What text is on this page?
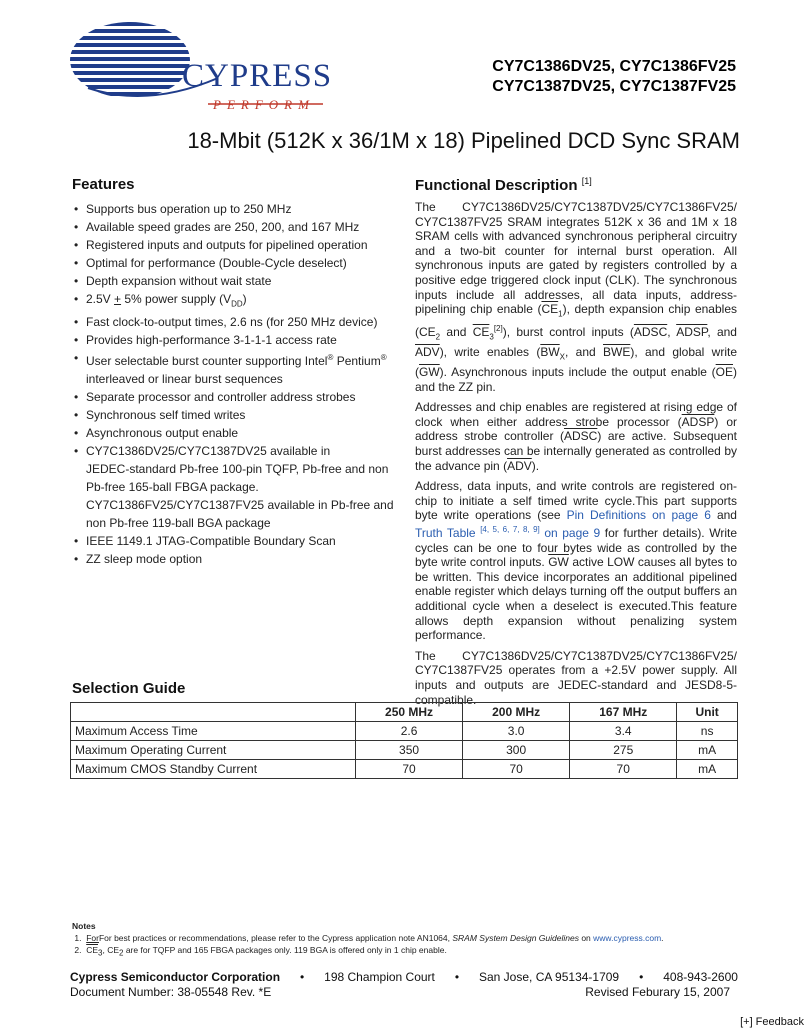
CYPRESS
PERFORM
CY7C1386DV25, CY7C1386FV25
CY7C1387DV25, CY7C1387FV25
18-Mbit (512K x 36/1M x 18) Pipelined DCD Sync SRAM
Features
• Supports bus operation up to 250 MHz
• Available speed grades are 250, 200, and 167 MHz
• Registered inputs and outputs for pipelined operation
• Optimal for performance (Double-Cycle deselect)
• Depth expansion without wait state
• 2.5V + 5% power supply $(V_{DD})$
• Fast clock-to-output times, 2.6 ns (for 250 MHz device)
• Provides high-performance 3-1-1-1 access rate
• User selectable burst counter supporting Intel® Pentium®
interleaved or linear burst sequences
• Separate processor and controller address strobes
• Synchronous self timed writes
• Asynchronous output enable
• CY7C1386DV25/CY7C1387DV25 available in
JEDEC-standard Pb-free 100-pin TQFP, Pb-free and non
Pb-free 165-ball FBGA package.
CY7C1386FV25/CY7C1387FV25 available in Pb-free and
non Pb-free 119-ball BGA package
• IEEE 1149.1 JTAG-Compatible Boundary Scan
• ZZ sleep mode option
Functional Description [1]

The CY7C1386DV25/CY7C1387DV25/CY7C1386FV25/ CY7C1387FV25 SRAM integrates 512K x 36 and 1M x 18 SRAM cells with advanced synchronous peripheral circuitry and a two-bit counter for internal burst operation. All synchronous inputs are gated by registers controlled by a positive edge triggered clock input (CLK). The synchronous inputs include all addresses, all data inputs, address-pipelining chip enable $(\overline{CE}_1)$, depth expansion chip enables ($CE_2$ and $\overline{CE}_3[2]$), burst control inputs (ADSC, ADSP, and $\overline{ADV}$), write enables ($\overline{BW}_X$, and $\overline{BWE}$), and global write $(\overline{GW})$. Asynchronous inputs include the output enable $(\overline{OE})$ and the ZZ pin.

Addresses and chip enables are registered at rising edge of clock when either address strobe processor (ADSP) or address strobe controller (ADSC) are active. Subsequent burst addresses can be internally generated as controlled by the advance pin $(\overline{ADV})$.

Address, data inputs, and write controls are registered on-chip to initiate a self timed write cycle.This part supports byte write operations (see Pin Definitions on page 6 and Truth Table [4, 5, 6, 7, 8, 9] on page 9 for further details). Write cycles can be one to four bytes wide as controlled by the byte write control inputs. $\overline{GW}$ active LOW causes all bytes to be written. This device incorporates an additional pipelined enable register which delays turning off the output buffers an additional cycle when a deselect is executed.This feature allows depth expansion without penalizing system performance.

The CY7C1386DV25/CY7C1387DV25/CY7C1386FV25/ CY7C1387FV25 operates from a +2.5V power supply. All inputs and outputs are JEDEC-standard and JESD8-5-compatible.

Selection Guide
	250 MHz	200 MHz	167 MHz	Unit
Maximum Access Time	2.6	3.0	3.4	ns
Maximum Operating Current	350	300	275	mA
Maximum CMOS Standby Current	70	70	70	mA
Notes
1. ForFor best practices or recommendations, please refer to the Cypress application note AN1064, SRAM System Design Guidelines on www.cypress.com.
2. $\overline{CE}_3$, $CE_2$ are for TQFP and 165 FBGA packages only. 119 BGA is offered only in 1 chip enable.
Cypress Semiconductor Corporation • 198 Champion Court • San Jose, CA 95134-1709 • 408-943-2600
Document Number: 38-05548 Rev. *E	Revised Feburary 15, 2007
[+] Feedback
